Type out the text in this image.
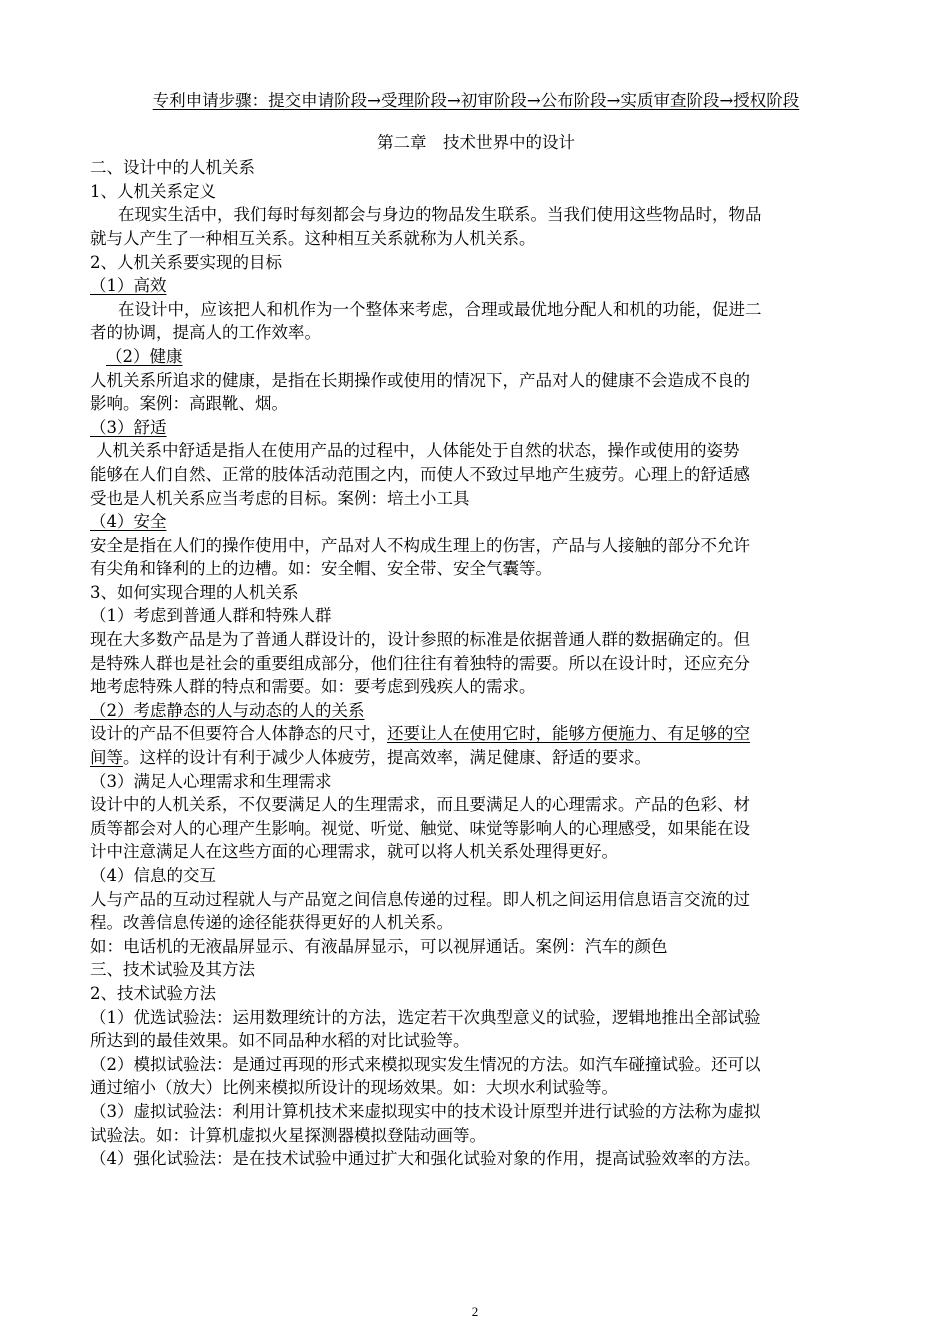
专利申请步骤：提交申请阶段→受理阶段→初审阶段→公布阶段→实质审查阶段→授权阶段
第二章　技术世界中的设计
二、设计中的人机关系
1、人机关系定义
在现实生活中，我们每时每刻都会与身边的物品发生联系。当我们使用这些物品时，物品
就与人产生了一种相互关系。这种相互关系就称为人机关系。
2、人机关系要实现的目标
（1）高效
在设计中，应该把人和机作为一个整体来考虑，合理或最优地分配人和机的功能，促进二
者的协调，提高人的工作效率。
（2）健康
人机关系所追求的健康，是指在长期操作或使用的情况下，产品对人的健康不会造成不良的
影响。案例：高跟靴、烟。
（3）舒适
人机关系中舒适是指人在使用产品的过程中，人体能处于自然的状态，操作或使用的姿势
能够在人们自然、正常的肢体活动范围之内，而使人不致过早地产生疲劳。心理上的舒适感
受也是人机关系应当考虑的目标。案例：培土小工具
（4）安全
安全是指在人们的操作使用中，产品对人不构成生理上的伤害，产品与人接触的部分不允许
有尖角和锋利的上的边槽。如：安全帽、安全带、安全气囊等。
3、如何实现合理的人机关系
（1）考虑到普通人群和特殊人群
现在大多数产品是为了普通人群设计的，设计参照的标准是依据普通人群的数据确定的。但
是特殊人群也是社会的重要组成部分，他们往往有着独特的需要。所以在设计时，还应充分
地考虑特殊人群的特点和需要。如：要考虑到残疾人的需求。
（2）考虑静态的人与动态的人的关系
设计的产品不但要符合人体静态的尺寸，还要让人在使用它时，能够方便施力、有足够的空
间等。这样的设计有利于减少人体疲劳，提高效率，满足健康、舒适的要求。
（3）满足人心理需求和生理需求
设计中的人机关系，不仅要满足人的生理需求，而且要满足人的心理需求。产品的色彩、材
质等都会对人的心理产生影响。视觉、听觉、触觉、味觉等影响人的心理感受，如果能在设
计中注意满足人在这些方面的心理需求，就可以将人机关系处理得更好。
（4）信息的交互
人与产品的互动过程就人与产品宽之间信息传递的过程。即人机之间运用信息语言交流的过
程。改善信息传递的途径能获得更好的人机关系。
如：电话机的无液晶屏显示、有液晶屏显示，可以视屏通话。案例：汽车的颜色
三、技术试验及其方法
2、技术试验方法
（1）优选试验法：运用数理统计的方法，选定若干次典型意义的试验，逻辑地推出全部试验
所达到的最佳效果。如不同品种水稻的对比试验等。
（2）模拟试验法：是通过再现的形式来模拟现实发生情况的方法。如汽车碰撞试验。还可以
通过缩小（放大）比例来模拟所设计的现场效果。如：大坝水利试验等。
（3）虚拟试验法：利用计算机技术来虚拟现实中的技术设计原型并进行试验的方法称为虚拟
试验法。如：计算机虚拟火星探测器模拟登陆动画等。
（4）强化试验法：是在技术试验中通过扩大和强化试验对象的作用，提高试验效率的方法。
2
